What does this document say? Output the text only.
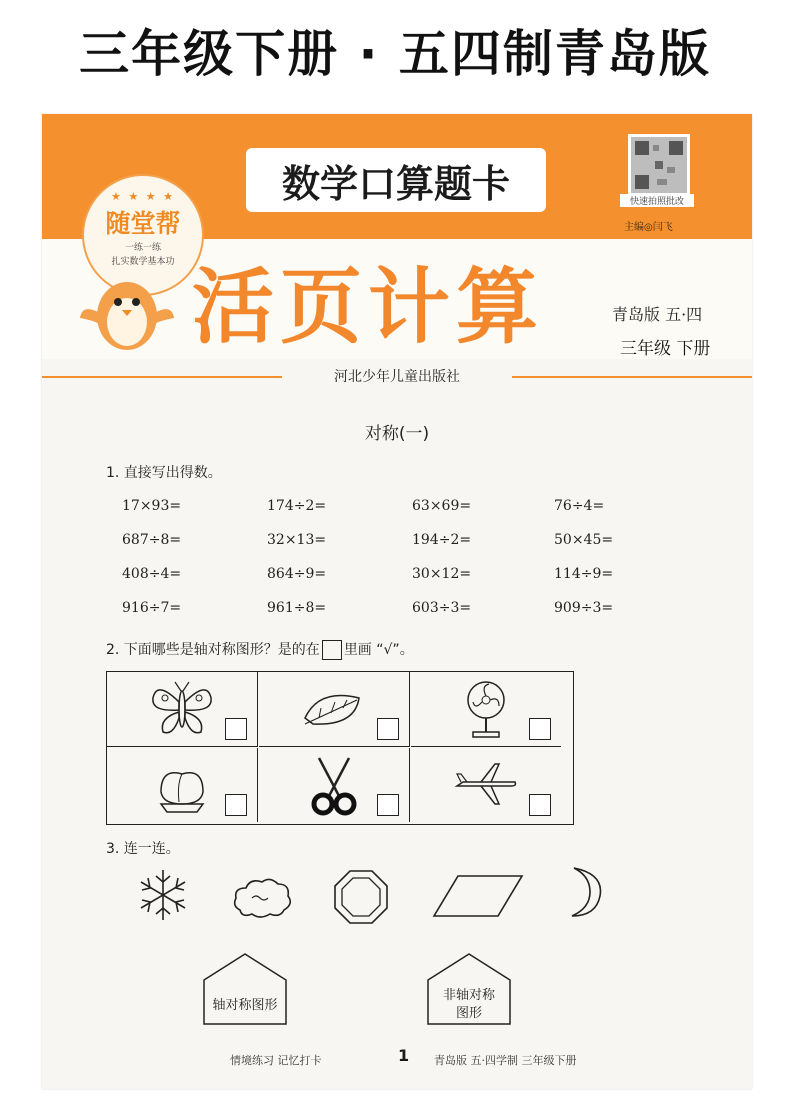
三年级下册 · 五四制青岛版
数学口算题卡	快速拍照批改
主编◎闫飞
★ ★ ★ ★
随堂帮
一练一练
扎实数学基本功 活页计算	青岛版 五·四
三年级 下册
河北少年儿童出版社
对称(一)
1. 直接写出得数。
17×93=	174÷2=	63×69=	76÷4=
687÷8=	32×13=	194÷2=	50×45=
408÷4=	864÷9=	30×12=	114÷9=
916÷7=	961÷8=	603÷3=	909÷3=
2. 下面哪些是轴对称图形？是的在 里画 “√”。
3. 连一连。
轴对称图形
非轴对称
图形
情境练习 记忆打卡	1 青岛版 五·四学制 三年级下册
